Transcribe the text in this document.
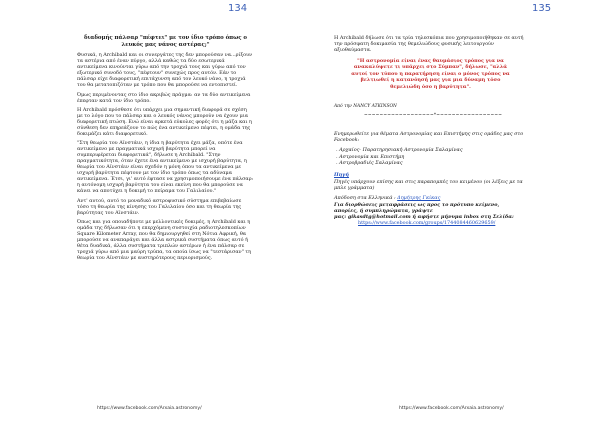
134

διαδομής πάλσαρ "πέφτει" με τον ίδιο τρόπο όπως ο λευκός μας νάνος αστέρας;"

Φυσικά, η Archibald και οι συνεργάτες της δεν μπορούσαν να...ρίξουν τα αστέρια από έναν πύργο, αλλά καθώς τα δύο εσωτερικά αντικείμενα κινούνται γύρω από την τροχιά τους και γύρω από τον εξωτερικό συνοδό τους, "πέφτουν" συνεχώς προς αυτόν. Εάν το πάλσαρ είχε διαφορετική επιτάχυνση από τον λευκό νάνο, η τροχιά του θα μετατοπιζόταν με τρόπο που θα μπορούσε να εντοπιστεί.

Όμως περιμένοντας στο ίδιο ακριβώς πράγμα: αν τα δύο αντικείμενα έπεφταν κατά τον ίδιο τρόπο.

Η Archibald πρόσθεσε ότι υπάρχει μια σημαντική διαφορά σε σχέση με το λόγο που το πάλσαρ και ο λευκός νάνος μπορούν να έχουν μια διαφορετική πτώση. Ενώ είναι αρκετά εύκολες φορές ότι η μάζα και η σύνθεση δεν επηρεάζουν το πώς ένα αντικείμενο πέφτει, η ομάδα της δοκιμάζει κάτι διαφορετικό.

"Στη θεωρία του Αϊνστάιν, η ίδια η βαρύτητα έχει μάζα, οπότε ένα αντικείμενο με πραγματικά ισχυρή βαρύτητα μπορεί να συμπεριφέρεται διαφορετικά", δήλωσε η Archibald. "Στην πραγματικότητα, όταν έχετε ένα αντικείμενο με ισχυρή βαρύτητα, η θεωρία του Αϊνστάιν είναι σχεδόν η μόνη όπου τα αντικείμενα με ισχυρή βαρύτητα πέφτουν με τον ίδιο τρόπο όπως τα αδύναμα αντικείμενα. Έτσι, γι' αυτό έφτασε να χρησιμοποιήσουμε ένα πάλσαρ: η αυτόνομη ισχυρή βαρύτητα του είναι εκείνη που θα μπορούσε να κάνει να αποτύχει η δοκιμή το πείραμα του Γαλιλαίου."

Αντ' αυτού, αυτό το μοναδικό αστροφυσικό σύστημα επιβεβαίωσε τόσο τη θεωρία της κίνησης του Γαλιλαίου όσο και τη θεωρία της βαρύτητας του Αϊνστάιν.

Όπως και για οποιαδήποτε με μελλοντικές δοκιμές, η Archibald και η ομάδα της δήλωσαν ότι η επερχόμενη συστοιχία ραδιοτηλεσκοπίων Square Kilometer Array, που θα δημιουργηθεί στη Νότια Αφρική, θα μπορούσε να αναπαράγει και άλλα αστρικά συστήματα όπως αυτό ή θέτα δυαδικά, άλλα συστήματα τριπλών αστέρων ή ένα πάλσαρ σε τροχιά γύρω από μια μαύρη τρύπα, τα οποία ίσως να "τεστάρισαν" τη θεωρία του Αϊνστάιν με αυστηρότερους περιορισμούς.

https://www.facebook.com/Arxaia.astronomy/
135

Η Archibald δήλωσε ότι τα τρία τηλεσκόπια που χρησιμοποιήθηκαν σε αυτή την πρόσφατη δοκιμασία της θεμελιώδους φυσικής λειτουργούν αξιοθαύμαστα.

"Η αστρονομία είναι ένας θαυμάσιος τρόπος για να ανακαλύψετε τι υπάρχει στο Σύμπαν", δήλωσε, "αλλά αυτοί τον τύπου η παρατήρηση είναι ο μόνος τρόπος να βελτιωθεί η κατανόησή μας για μια δύναμη τόσο θεμελιώδη όσο η βαρύτητα".

Από την NANCY ATKINSON

~~~~~~~~~~~~~~~~~~*~~~~~~~~~~~~~~~~~

Ενημερωθείτε για θέματα Αστρονομίας και Επιστήμης στις ομάδες μας στο Facebook:

. Αρχαίος- Παρατηρησιακή Αστρονομία Σαλαμίνας

. Αστρονομία και Επιστήμη

. Αστροβραδιές Σαλαμίνας

Πηγή

Πηγές υπάρχουν επίσης και στις παραπομπές του κειμένου (οι λέξεις με τα μπλε γράμματα)

Απόδοση στα Ελληνικά : Δημήτρης Γκίκας

Για διορθώσεις μεταφράσεις ως προς το πρότυπο κείμενο,

απορίες, ή συμπληρώματα, γράψτε

μας: gikasdtg@hotmail.com ή αφήστε μήνυμα inbox στη Σελίδα:

https://www.facebook.com/groups/1744084460629659/

https://www.facebook.com/Arxaia.astronomy/
